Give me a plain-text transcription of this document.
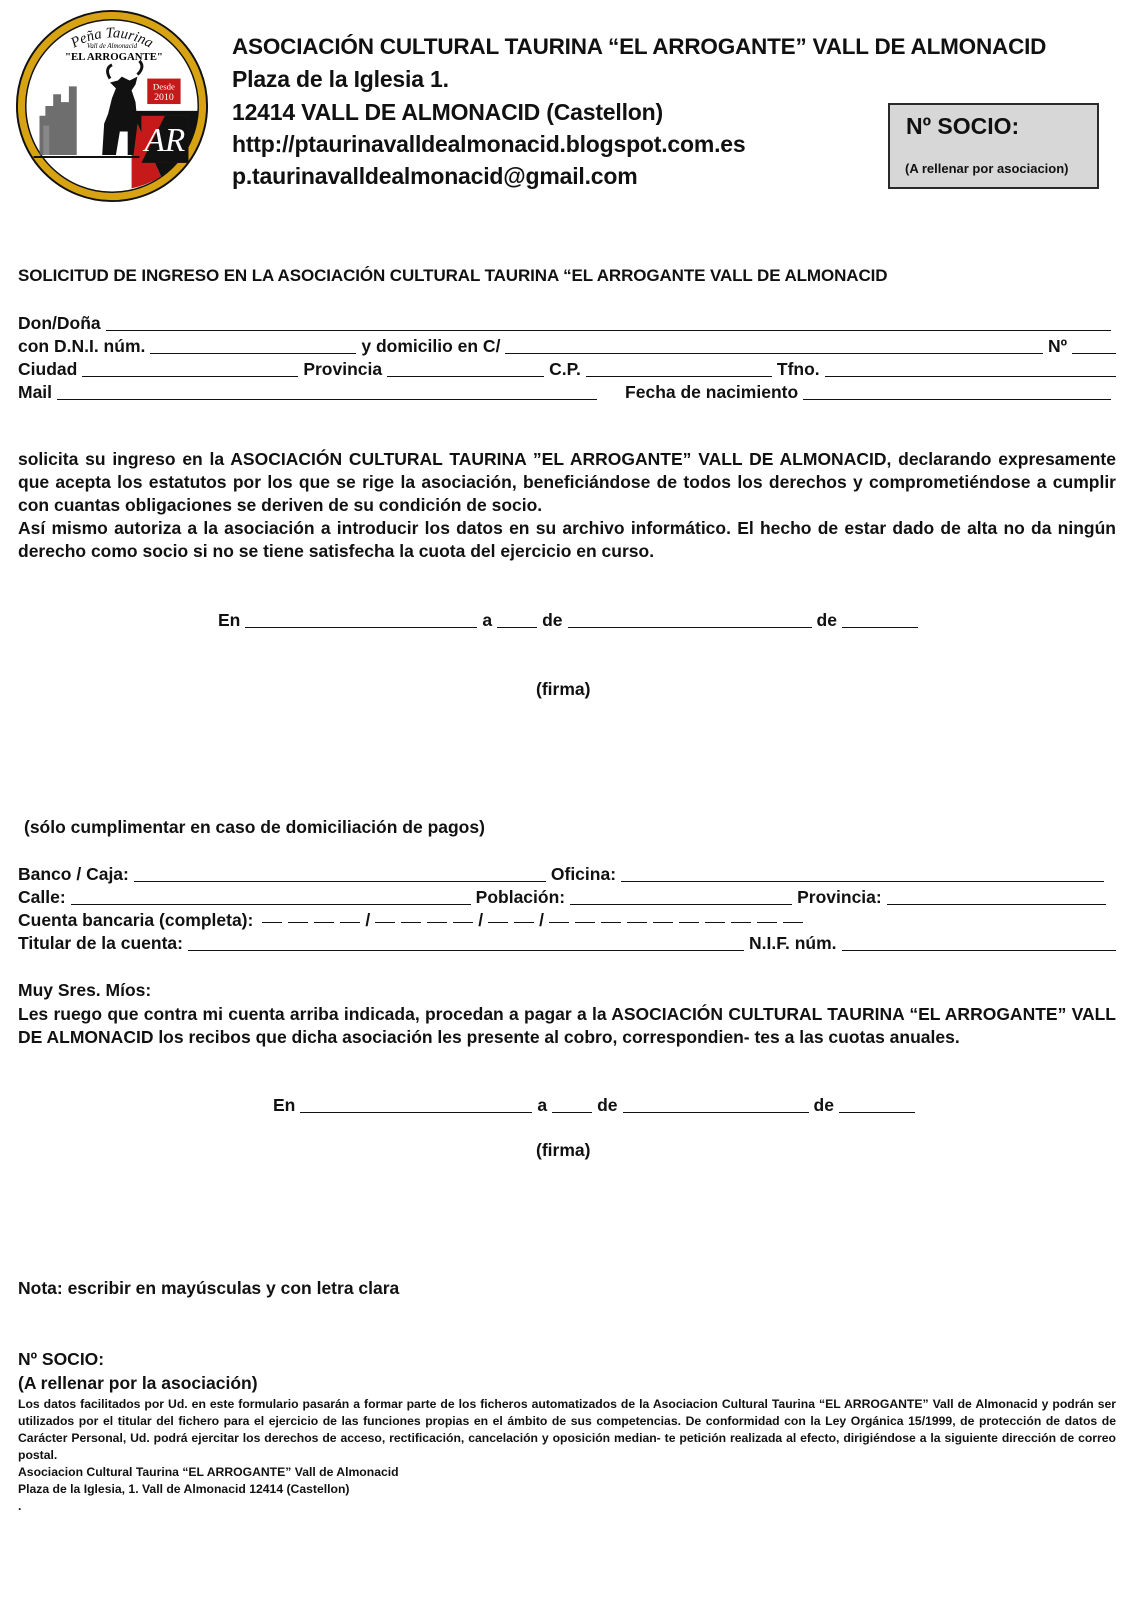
Peña Taurina
Vall de Almonacid
"EL ARROGANTE"
Desde
2010
AR
ASOCIACIÓN CULTURAL TAURINA “EL ARROGANTE” VALL DE ALMONACID
Plaza de la Iglesia 1.
12414 VALL DE ALMONACID (Castellon)
http://ptaurinavalldealmonacid.blogspot.com.es
p.taurinavalldealmonacid@gmail.com
Nº SOCIO:
(A rellenar por asociacion)
SOLICITUD DE INGRESO EN LA ASOCIACIÓN CULTURAL TAURINA “EL ARROGANTE VALL DE ALMONACID
Don/Doña
con D.N.I. núm.	y domicilio en C/	Nº
Ciudad	Provincia	C.P.	Tfno.
Mail	Fecha de nacimiento

solicita su ingreso en la ASOCIACIÓN CULTURAL TAURINA ”EL ARROGANTE” VALL DE ALMONACID, declarando expresamente que acepta los estatutos por los que se rige la asociación, beneficiándose de todos los derechos y comprometiéndose a cumplir con cuantas obligaciones se deriven de su condición de socio.

Así mismo autoriza a la asociación a introducir los datos en su archivo informático. El hecho de estar dado de alta no da ningún derecho como socio si no se tiene satisfecha la cuota del ejercicio en curso.

En	a	de	de
(firma)
(sólo cumplimentar en caso de domiciliación de pagos)
Banco / Caja:	Oficina:
Calle:	Población:	Provincia:
Cuenta bancaria (completa):	/	/	/
Titular de la cuenta:	N.I.F. núm.
Muy Sres. Míos:
Les ruego que contra mi cuenta arriba indicada, procedan a pagar a la ASOCIACIÓN CULTURAL TAURINA “EL ARROGANTE” VALL DE ALMONACID los recibos que dicha asociación les presente al cobro, correspondien- tes a las cuotas anuales.
En	a	de	de
(firma)
Nota: escribir en mayúsculas y con letra clara
Nº SOCIO:
(A rellenar por la asociación)

Los datos facilitados por Ud. en este formulario pasarán a formar parte de los ficheros automatizados de la Asociacion Cultural Taurina “EL ARROGANTE” Vall de Almonacid y podrán ser utilizados por el titular del fichero para el ejercicio de las funciones propias en el ámbito de sus competencias. De conformidad con la Ley Orgánica 15/1999, de protección de datos de Carácter Personal, Ud. podrá ejercitar los derechos de acceso, rectificación, cancelación y oposición median- te petición realizada al efecto, dirigiéndose a la siguiente dirección de correo postal.

Asociacion Cultural Taurina “EL ARROGANTE” Vall de Almonacid

Plaza de la Iglesia, 1. Vall de Almonacid 12414 (Castellon)

.
